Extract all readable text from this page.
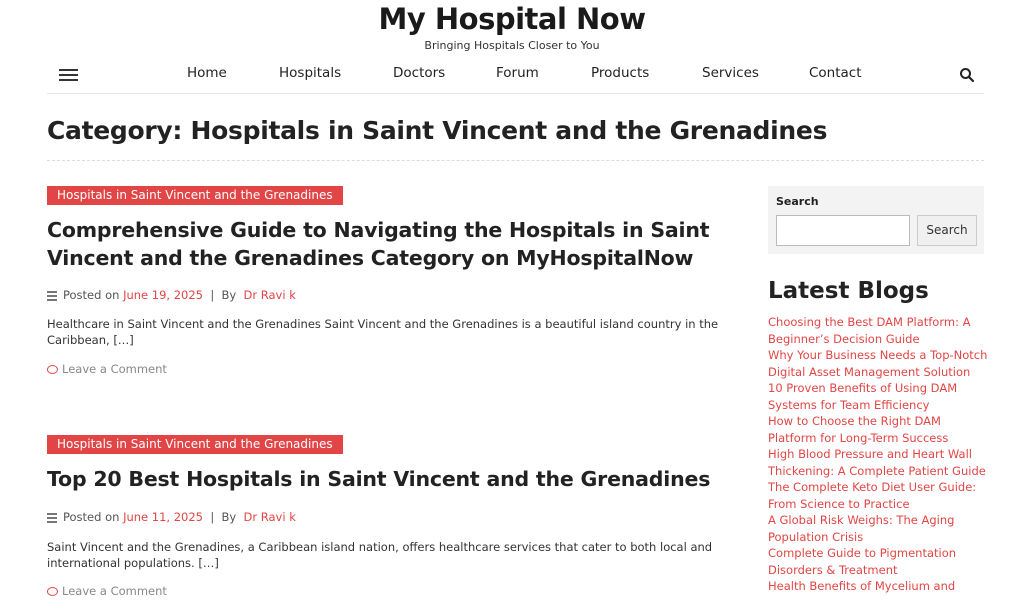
My Hospital Now
Bringing Hospitals Closer to You
Home	Hospitals	Doctors	Forum	Products	Services	Contact
Category: Hospitals in Saint Vincent and the Grenadines
Hospitals in Saint Vincent and the Grenadines
Comprehensive Guide to Navigating the Hospitals in Saint Vincent and the Grenadines Category on MyHospitalNow
Posted on June 19, 2025 | By Dr Ravi k

Healthcare in Saint Vincent and the Grenadines Saint Vincent and the Grenadines is a beautiful island country in the Caribbean, […]

Leave a Comment
Hospitals in Saint Vincent and the Grenadines
Top 20 Best Hospitals in Saint Vincent and the Grenadines
Posted on June 11, 2025 | By Dr Ravi k

Saint Vincent and the Grenadines, a Caribbean island nation, offers healthcare services that cater to both local and international populations. […]

Leave a Comment
Search
Search
Latest Blogs
Choosing the Best DAM Platform: A Beginner’s Decision Guide
Why Your Business Needs a Top-Notch Digital Asset Management Solution
10 Proven Benefits of Using DAM Systems for Team Efficiency
How to Choose the Right DAM Platform for Long-Term Success
High Blood Pressure and Heart Wall Thickening: A Complete Patient Guide
The Complete Keto Diet User Guide: From Science to Practice
A Global Risk Weighs: The Aging Population Crisis
Complete Guide to Pigmentation Disorders & Treatment
Health Benefits of Mycelium and
